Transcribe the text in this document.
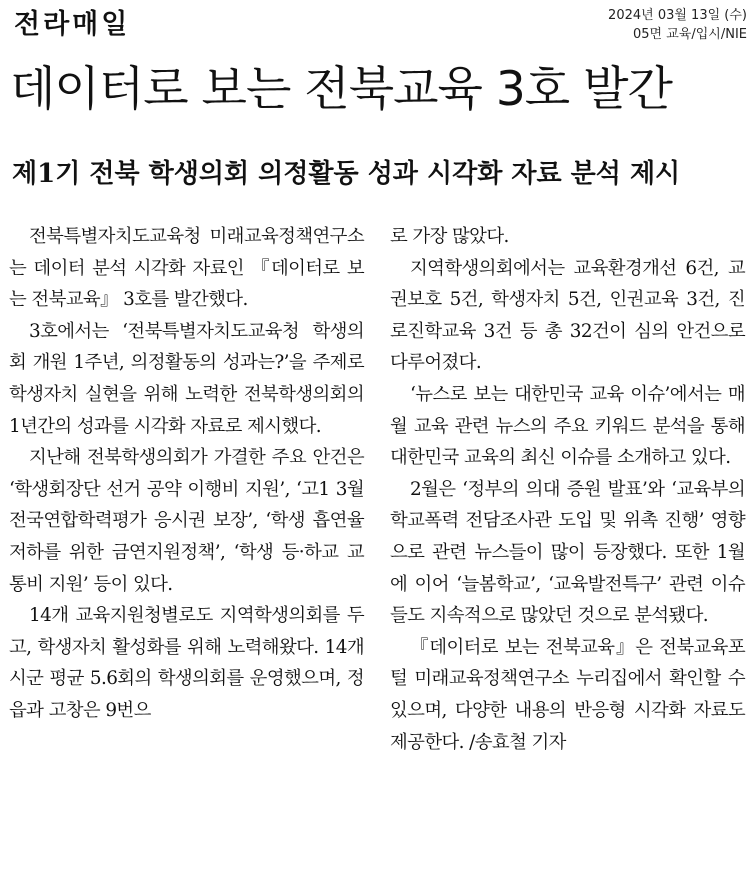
전라매일	2024년 03월 13일 (수)
05면 교육/입시/NIE
데이터로 보는 전북교육 3호 발간
제1기 전북 학생의회 의정활동 성과 시각화 자료 분석 제시

전북특별자치도교육청 미래교육정책연구소는 데이터 분석 시각화 자료인 『데이터로 보는 전북교육』 3호를 발간했다.

3호에서는 ‘전북특별자치도교육청 학생의회 개원 1주년, 의정활동의 성과는?’을 주제로 학생자치 실현을 위해 노력한 전북학생의회의 1년간의 성과를 시각화 자료로 제시했다.

지난해 전북학생의회가 가결한 주요 안건은 ‘학생회장단 선거 공약 이행비 지원’, ‘고1 3월 전국연합학력평가 응시권 보장’, ‘학생 흡연율 저하를 위한 금연지원정책’, ‘학생 등·하교 교통비 지원’ 등이 있다.

14개 교육지원청별로도 지역학생의회를 두고, 학생자치 활성화를 위해 노력해왔다. 14개 시군 평균 5.6회의 학생의회를 운영했으며, 정읍과 고창은 9번으

로 가장 많았다.

지역학생의회에서는 교육환경개선 6건, 교권보호 5건, 학생자치 5건, 인권교육 3건, 진로진학교육 3건 등 총 32건이 심의 안건으로 다루어졌다.

‘뉴스로 보는 대한민국 교육 이슈’에서는 매월 교육 관련 뉴스의 주요 키워드 분석을 통해 대한민국 교육의 최신 이슈를 소개하고 있다.

2월은 ‘정부의 의대 증원 발표’와 ‘교육부의 학교폭력 전담조사관 도입 및 위촉 진행’ 영향으로 관련 뉴스들이 많이 등장했다. 또한 1월에 이어 ‘늘봄학교’, ‘교육발전특구’ 관련 이슈들도 지속적으로 많았던 것으로 분석됐다.

『데이터로 보는 전북교육』은 전북교육포털 미래교육정책연구소 누리집에서 확인할 수 있으며, 다양한 내용의 반응형 시각화 자료도 제공한다. /송효철 기자
